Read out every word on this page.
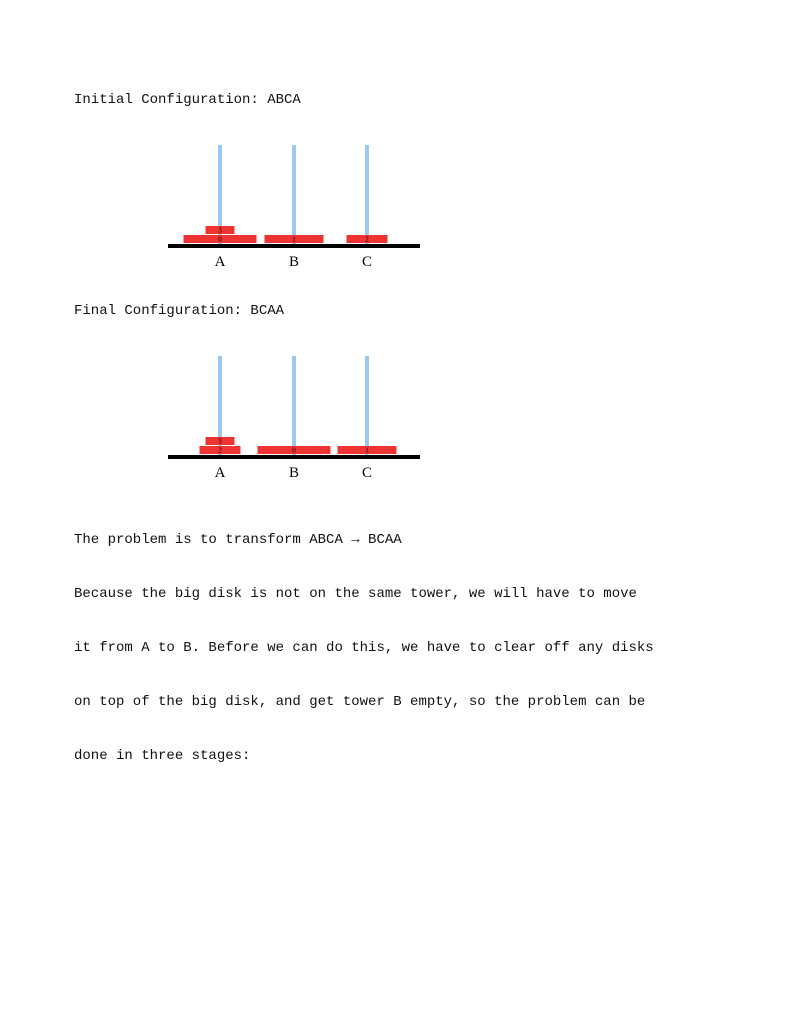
Initial Configuration: ABCA
0
3
1	2
A	B	C
Final Configuration: BCAA
2
3
0	1
A	B	C

The problem is to transform ABCA → BCAA

Because the big disk is not on the same tower, we will have to move

it from A to B. Before we can do this, we have to clear off any disks

on top of the big disk, and get tower B empty, so the problem can be

done in three stages:
